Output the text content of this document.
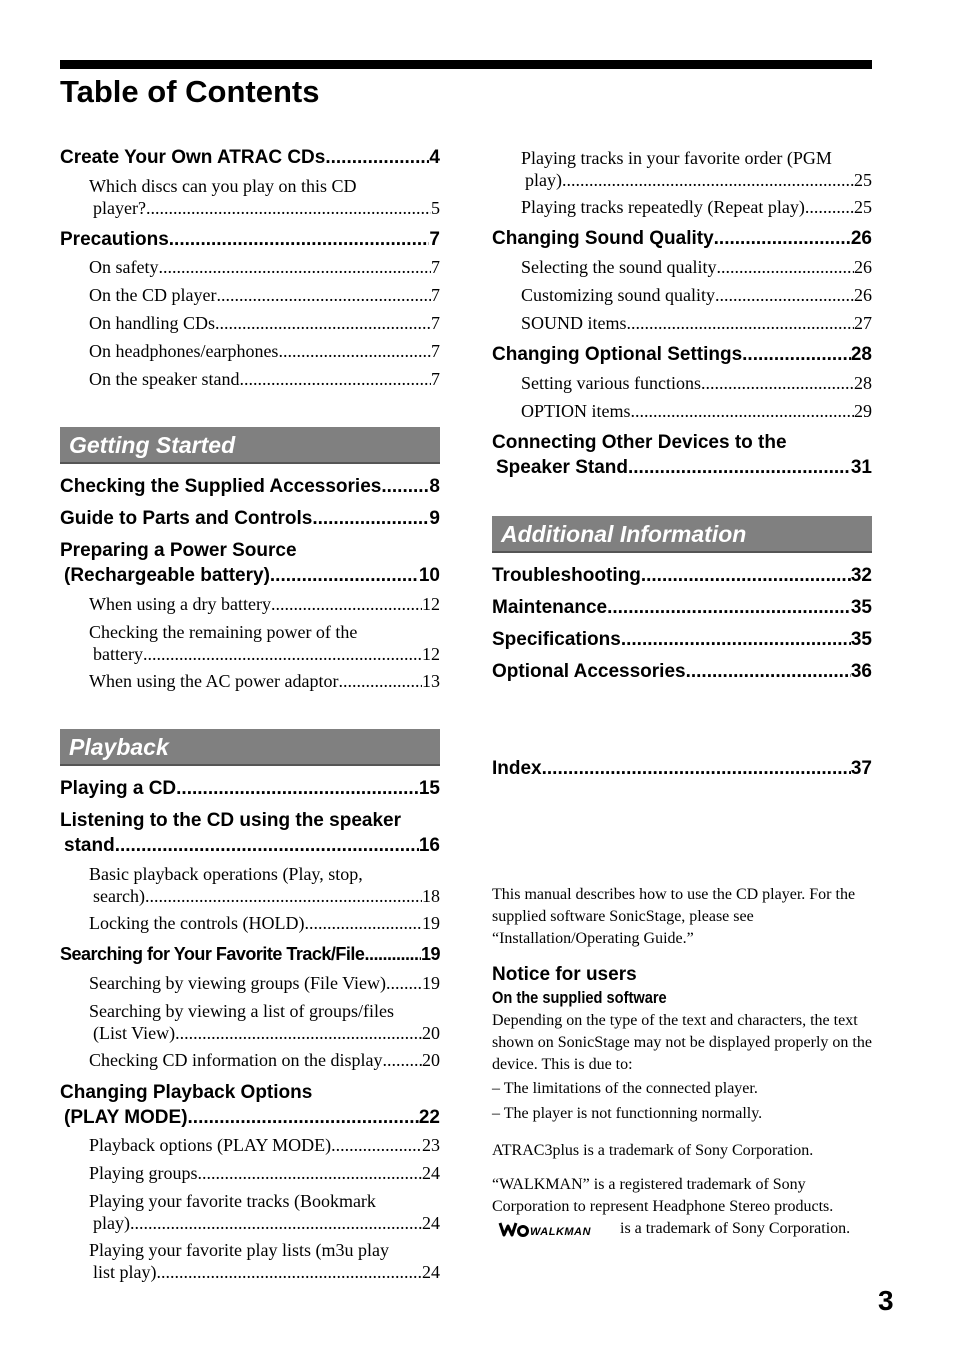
Table of Contents
Create Your Own ATRAC CDs .....	4
Which discs can you play on this CD
player? .....	5
Precautions .....	7
On safety .....	7
On the CD player .....	7
On handling CDs .....	7
On headphones/earphones .....	7
On the speaker stand .....	7
Getting Started
Checking the Supplied Accessories .....	8
Guide to Parts and Controls .....	9
Preparing a Power Source
(Rechargeable battery) .....	10
When using a dry battery .....	12
Checking the remaining power of the
battery .....	12
When using the AC power adaptor .....	13
Playback
Playing a CD .....	15
Listening to the CD using the speaker
stand .....	16
Basic playback operations (Play, stop,
search) .....	18
Locking the controls (HOLD) .....	19
Searching for Your Favorite Track/File .....	19
Searching by viewing groups (File View) ..... 19
Searching by viewing a list of groups/files
(List View) .....	20
Checking CD information on the display ..... 20
Changing Playback Options
(PLAY MODE) .....	22
Playback options (PLAY MODE) .....	23
Playing groups .....	24
Playing your favorite tracks (Bookmark
play) .....	24
Playing your favorite play lists (m3u play
list play) .....	24
Playing tracks in your favorite order (PGM
play) .....	25
Playing tracks repeatedly (Repeat play) .....	25
Changing Sound Quality .....	26
Selecting the sound quality .....	26
Customizing sound quality .....	26
SOUND items .....	27
Changing Optional Settings .....	28
Setting various functions .....	28
OPTION items .....	29
Connecting Other Devices to the
Speaker Stand .....	31
Additional Information
Troubleshooting .....	32
Maintenance .....	35
Specifications .....	35
Optional Accessories .....	36
Index .....	37

This manual describes how to use the CD player. For the supplied software SonicStage, please see “Installation/Operating Guide.”

Notice for users
On the supplied software

Depending on the type of the text and characters, the text shown on SonicStage may not be displayed properly on the device. This is due to:

– The limitations of the connected player.

– The player is not functionning normally.

ATRAC3plus is a trademark of Sony Corporation.

“WALKMAN” is a registered trademark of Sony Corporation to represent Headphone Stereo products.
WALKMAN is a trademark of Sony Corporation.

3
